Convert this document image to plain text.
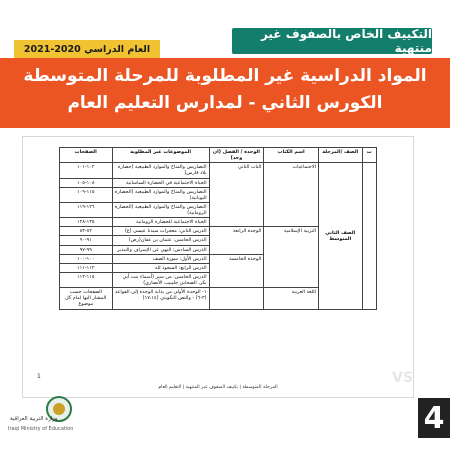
التكييف الخاص بالصفوف غير منتهية
العام الدراسي 2020-2021
المواد الدراسية غير المطلوبة للمرحلة المتوسطة
الكورس الثاني - لمدارس التعليم العام
ت	الصف /المرحلة	اسم الكتاب	الوحدة / الفصل (ان وجد)	الموضوعات غير المطلوبة	الصفحات
	الصف الثاني المتوسط	الاجتماعيات	الباب الثاني	التضاريس والمناخ والموارد الطبيعية (حضارة بلاد فارس)	١٠٢-١٠١
				الحياة الاجتماعية في الحضارة الساسانية	١٠٨-١٠٥
				التضاريس والمناخ والموارد الطبيعية (الحضارة اليونانية)	١١٥-١٠٩
				التضاريس والمناخ والموارد الطبيعية (الحضارة الرومانية)	١٢٦-١١٩
				الحياة الاجتماعية للحضارة الرومانية	١٣٥-١٢٨
		التربية الإسلامية	الوحدة الرابعة	الدرس الثاني: معجزات سيدنا عيسى (ع)	٨٢-٨٣
				الدرس الخامس: عثمان بن عفان(رض)	٩١-٩٠
				الدرس السادس: النهي عن الإسراف والتبذير	٩٩-٩٧
			الوحدة الخامسة	الدرس الأول: سورة الصف	١٠٠-١٠٠
				الدرس الرابع: السجود لله	١١٢-١١١
				الدرس الخامس: من سير (أسماء بنت أبي بكر، الصحابي جليبيب الأنصاري)	١١٥-١١٣
		اللغة العربية		١- الوحدة الأولى من بداية الوحدة إلى القواعد (٣-٦) - والنص التكويني (١٧،١٤)	الصفحات حسب المشار اليها امام كل موضوع
1
المرحلة المتوسطة | تكييف الصفوف غير المنتهية | التعليم العام
VS
وزارة التربية العراقية
Iraqi Ministry of Education	4
